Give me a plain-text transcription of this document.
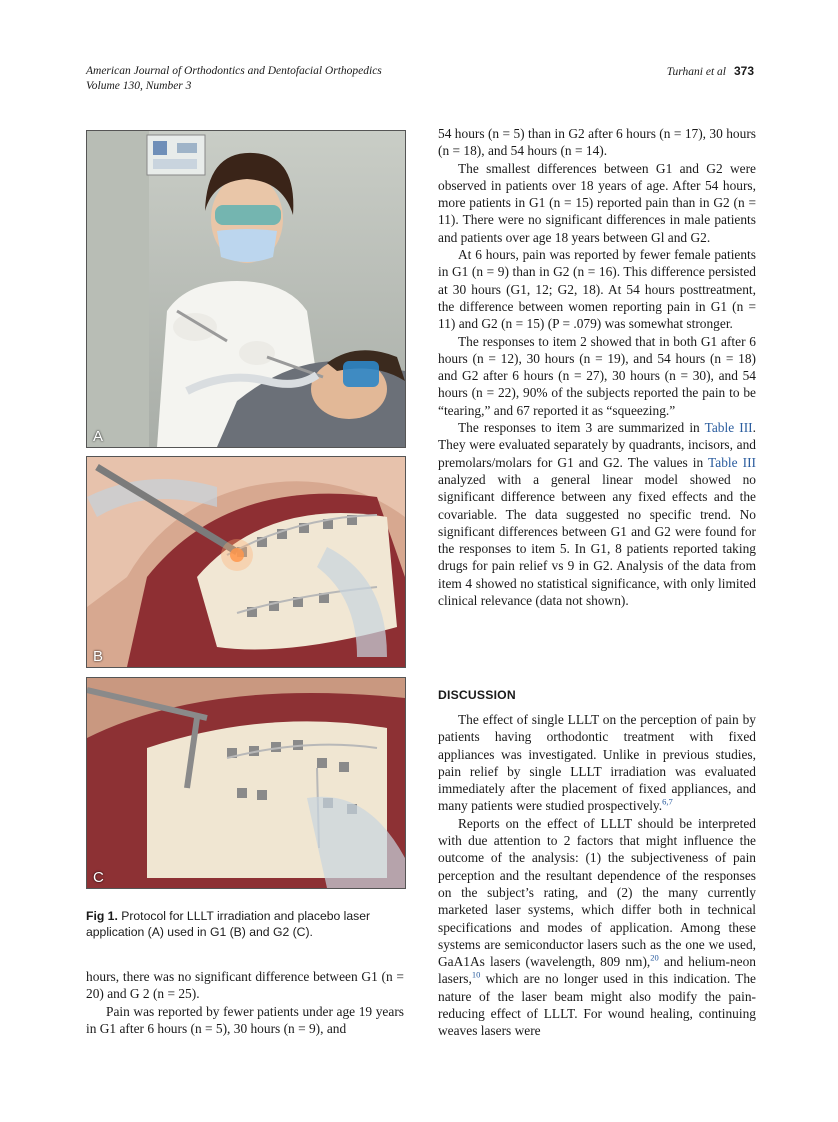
American Journal of Orthodontics and Dentofacial Orthopedics
Volume 130, Number 3
Turhani et al 373
A
B
C
Fig 1. Protocol for LLLT irradiation and placebo laser application (A) used in G1 (B) and G2 (C).

hours, there was no significant difference between G1 (n = 20) and G 2 (n = 25).

Pain was reported by fewer patients under age 19 years in G1 after 6 hours (n = 5), 30 hours (n = 9), and

54 hours (n = 5) than in G2 after 6 hours (n = 17), 30 hours (n = 18), and 54 hours (n = 14).

The smallest differences between G1 and G2 were observed in patients over 18 years of age. After 54 hours, more patients in G1 (n = 15) reported pain than in G2 (n = 11). There were no significant differences in male patients and patients over age 18 years between Gl and G2.

At 6 hours, pain was reported by fewer female patients in G1 (n = 9) than in G2 (n = 16). This difference persisted at 30 hours (G1, 12; G2, 18). At 54 hours posttreatment, the difference between women reporting pain in G1 (n = 11) and G2 (n = 15) (P = .079) was somewhat stronger.

The responses to item 2 showed that in both G1 after 6 hours (n = 12), 30 hours (n = 19), and 54 hours (n = 18) and G2 after 6 hours (n = 27), 30 hours (n = 30), and 54 hours (n = 22), 90% of the subjects reported the pain to be “tearing,” and 67 reported it as “squeezing.”

The responses to item 3 are summarized in Table III. They were evaluated separately by quadrants, incisors, and premolars/molars for G1 and G2. The values in Table III analyzed with a general linear model showed no significant difference between any fixed effects and the covariable. The data suggested no specific trend. No significant differences between G1 and G2 were found for the responses to item 5. In G1, 8 patients reported taking drugs for pain relief vs 9 in G2. Analysis of the data from item 4 showed no statistical significance, with only limited clinical relevance (data not shown).

DISCUSSION

The effect of single LLLT on the perception of pain by patients having orthodontic treatment with fixed appliances was investigated. Unlike in previous studies, pain relief by single LLLT irradiation was evaluated immediately after the placement of fixed appliances, and many patients were studied prospectively.$^{6,7}$

Reports on the effect of LLLT should be interpreted with due attention to 2 factors that might influence the outcome of the analysis: (1) the subjectiveness of pain perception and the resultant dependence of the responses on the subject’s rating, and (2) the many currently marketed laser systems, which differ both in technical specifications and modes of application. Among these systems are semiconductor lasers such as the one we used, GaA1As lasers (wavelength, 809 nm),$^{20}$ and helium-neon lasers,$^{10}$ which are no longer used in this indication. The nature of the laser beam might also modify the pain-reducing effect of LLLT. For wound healing, continuing weaves lasers were
